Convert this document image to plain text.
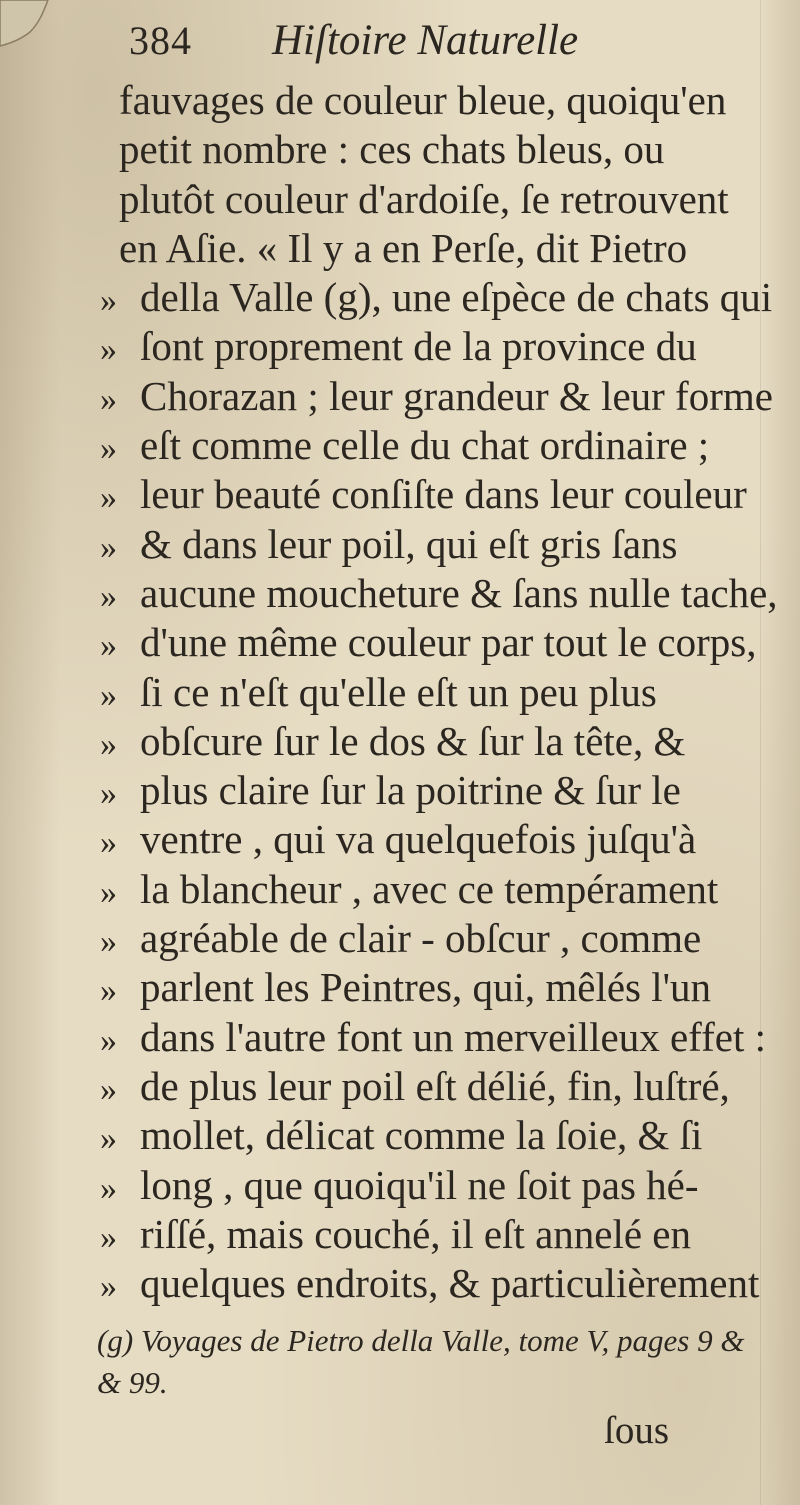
384 Hiſtoire Naturelle
fauvages de couleur bleue, quoiqu'en
petit nombre : ces chats bleus, ou
plutôt couleur d'ardoiſe, ſe retrouvent
en Aſie. « Il y a en Perſe, dit Pietro
» della Valle (g), une eſpèce de chats qui
» ſont proprement de la province du
» Chorazan ; leur grandeur & leur forme
» eſt comme celle du chat ordinaire ;
» leur beauté conſiſte dans leur couleur
» & dans leur poil, qui eſt gris ſans
» aucune moucheture & ſans nulle tache,
» d'une même couleur par tout le corps,
» ſi ce n'eſt qu'elle eſt un peu plus
» obſcure ſur le dos & ſur la tête, &
» plus claire ſur la poitrine & ſur le
» ventre , qui va quelquefois juſqu'à
» la blancheur , avec ce tempérament
» agréable de clair - obſcur , comme
» parlent les Peintres, qui, mêlés l'un
» dans l'autre font un merveilleux effet :
» de plus leur poil eſt délié, fin, luſtré,
» mollet, délicat comme la ſoie, & ſi
» long , que quoiqu'il ne ſoit pas hé-
» riſſé, mais couché, il eſt annelé en
» quelques endroits, & particulièrement
(g) Voyages de Pietro della Valle, tome V, pages 9 &
& 99.
ſous
